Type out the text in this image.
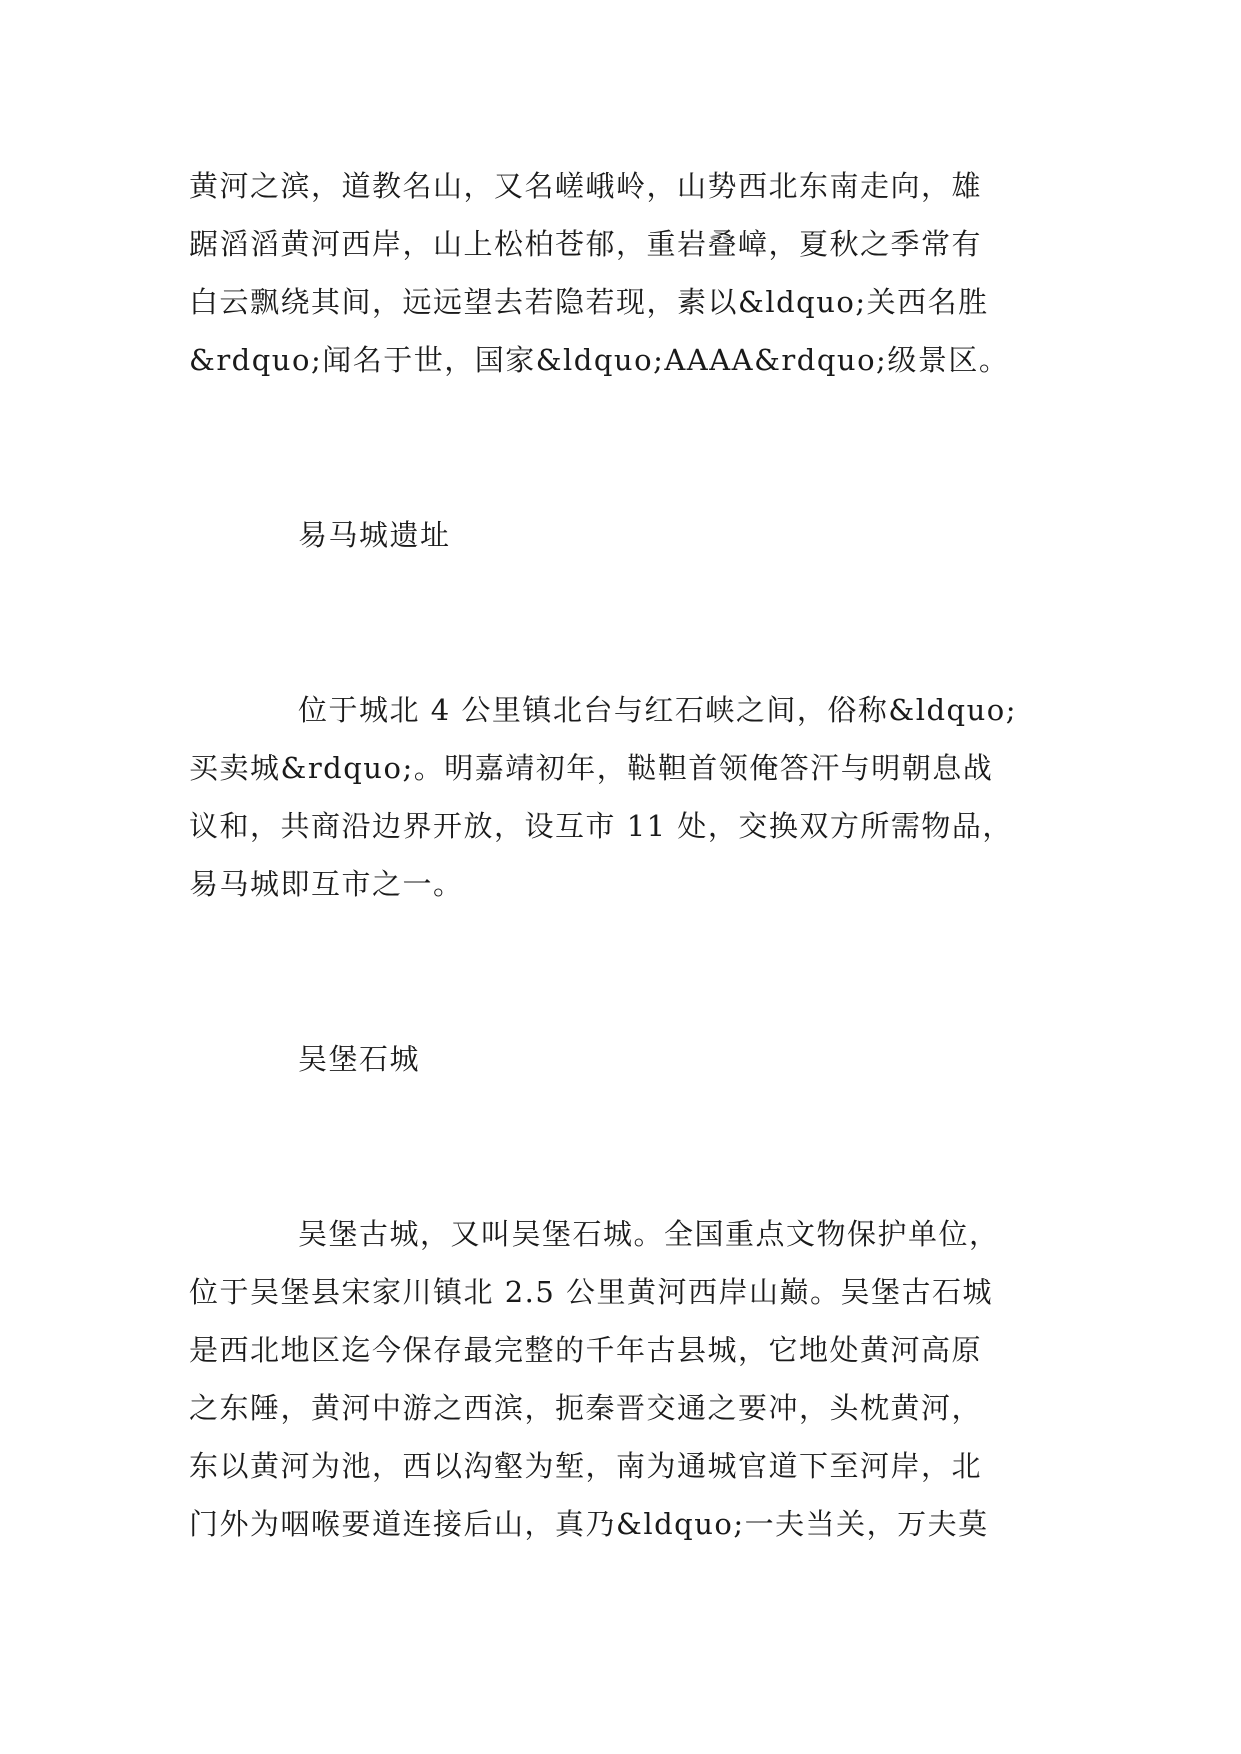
黄河之滨，道教名山，又名嵯峨岭，山势西北东南走向，雄
踞滔滔黄河西岸，山上松柏苍郁，重岩叠嶂，夏秋之季常有
白云飘绕其间，远远望去若隐若现，素以&ldquo;关西名胜
&rdquo;闻名于世，国家&ldquo;AAAA&rdquo;级景区。
易马城遗址
位于城北 4 公里镇北台与红石峡之间，俗称&ldquo;
买卖城&rdquo;。明嘉靖初年，鞑靼首领俺答汗与明朝息战
议和，共商沿边界开放，设互市 11 处，交换双方所需物品，
易马城即互市之一。
吴堡石城
吴堡古城，又叫吴堡石城。全国重点文物保护单位，
位于吴堡县宋家川镇北 2.5 公里黄河西岸山巅。吴堡古石城
是西北地区迄今保存最完整的千年古县城，它地处黄河高原
之东陲，黄河中游之西滨，扼秦晋交通之要冲，头枕黄河，
东以黄河为池，西以沟壑为堑，南为通城官道下至河岸，北
门外为咽喉要道连接后山，真乃&ldquo;一夫当关，万夫莫
